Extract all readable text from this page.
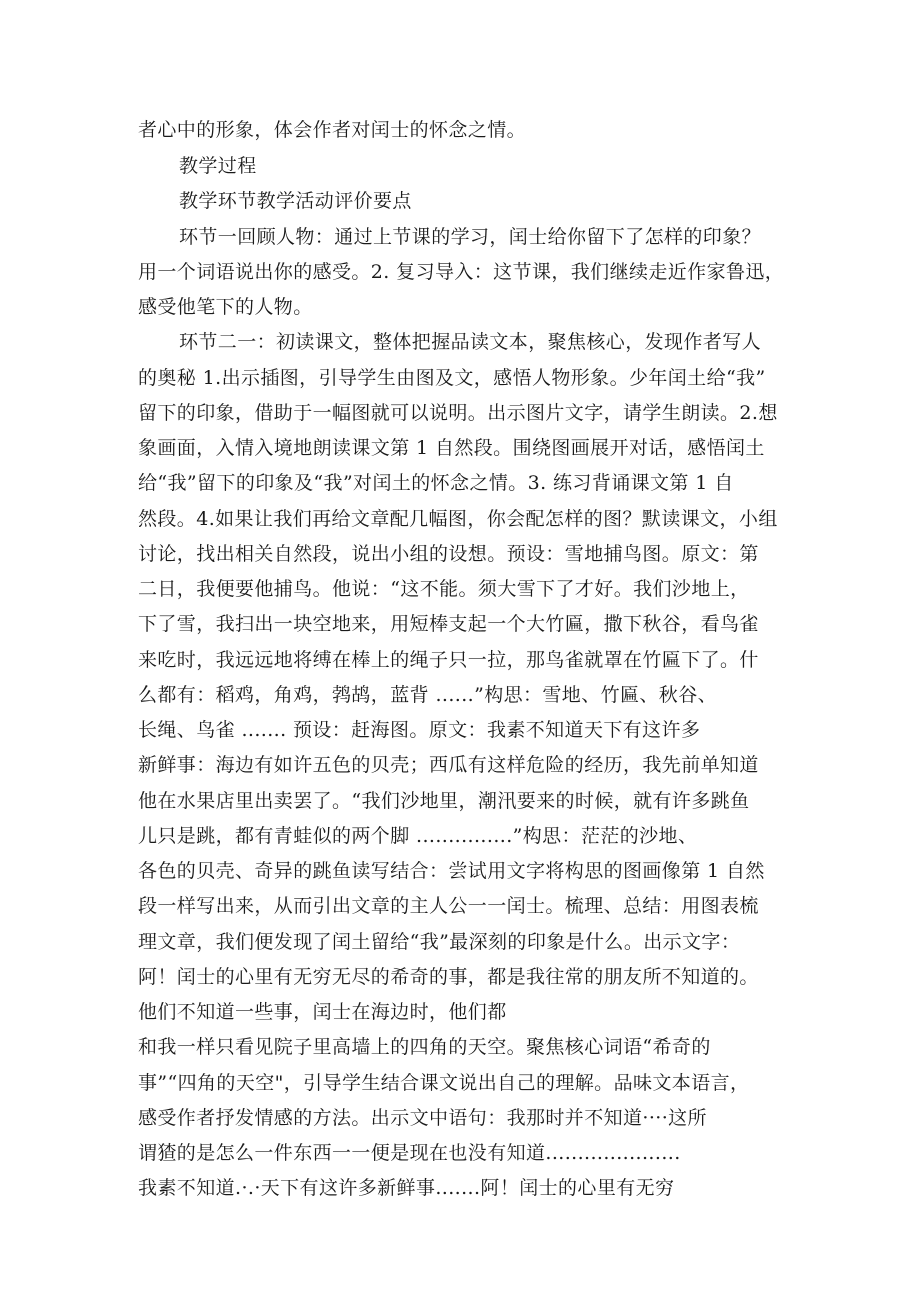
者心中的形象，体会作者对闰士的怀念之情。

教学过程

教学环节教学活动评价要点

环节一回顾人物：通过上节课的学习，闰士给你留下了怎样的印象？

用一个词语说出你的感受。2. 复习导入：这节课，我们继续走近作家鲁迅，

感受他笔下的人物。

环节二一：初读课文，整体把握品读文本，聚焦核心，发现作者写人

的奥秘 1.出示插图，引导学生由图及文，感悟人物形象。少年闰土给“我”

留下的印象，借助于一幅图就可以说明。出示图片文字，请学生朗读。2.想

象画面，入情入境地朗读课文第 1 自然段。围绕图画展开对话，感悟闰土

给“我”留下的印象及“我”对闰土的怀念之情。3. 练习背诵课文第 1 自

然段。4.如果让我们再给文章配几幅图，你会配怎样的图？默读课文，小组

讨论，找出相关自然段，说出小组的设想。预设：雪地捕鸟图。原文：第

二日，我便要他捕鸟。他说：“这不能。须大雪下了才好。我们沙地上，

下了雪，我扫出一块空地来，用短棒支起一个大竹匾，撒下秋谷，看鸟雀

来吃时，我远远地将缚在棒上的绳子只一拉，那鸟雀就罩在竹匾下了。什

么都有：稻鸡，角鸡，鹁鸪，蓝背 ......”构思：雪地、竹匾、秋谷、

长绳、鸟雀 ....... 预设：赶海图。原文：我素不知道天下有这许多

新鲜事：海边有如许五色的贝壳；西瓜有这样危险的经历，我先前单知道

他在水果店里出卖罢了。“我们沙地里，潮汛要来的时候，就有许多跳鱼

儿只是跳，都有青蛙似的两个脚 ...............”构思：茫茫的沙地、

各色的贝壳、奇异的跳鱼读写结合：尝试用文字将构思的图画像第 1 自然

段一样写出来，从而引出文章的主人公一一闰士。梳理、总结：用图表梳

理文章，我们便发现了闰土留给“我”最深刻的印象是什么。出示文字：

阿！闰士的心里有无穷无尽的希奇的事，都是我往常的朋友所不知道的。

他们不知道一些事，闰士在海边时，他们都

和我一样只看见院子里高墙上的四角的天空。聚焦核心词语“希奇的

事”“四角的天空"，引导学生结合课文说出自己的理解。品味文本语言，

感受作者抒发情感的方法。出示文中语句：我那时并不知道····这所

谓猹的是怎么一件东西一一便是现在也没有知道.....................

我素不知道.·.·天下有这许多新鲜事.......阿！闰士的心里有无穷
